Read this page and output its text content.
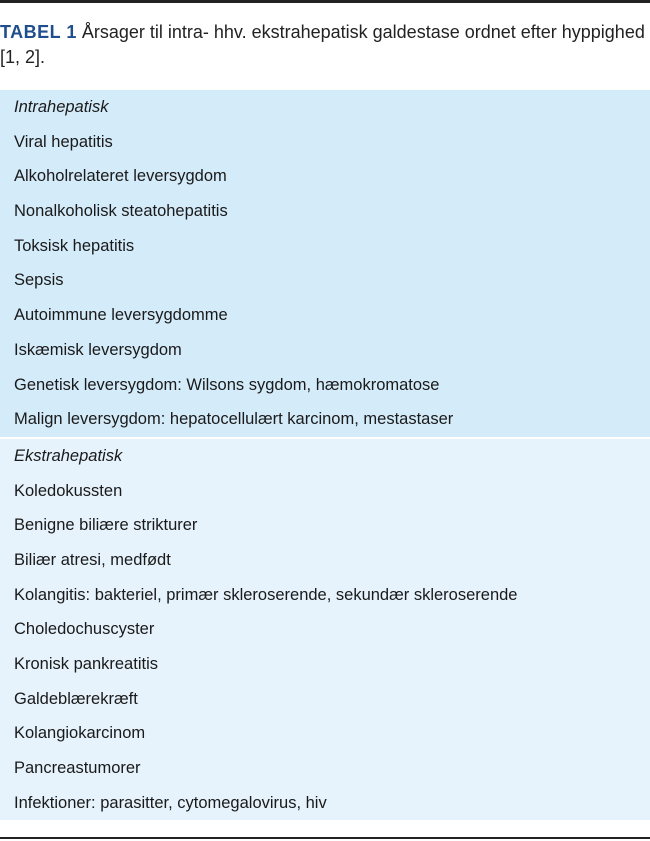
TABEL 1 Årsager til intra- hhv. ekstrahepatisk galdestase ordnet efter hyppighed [1, 2].
Intrahepatisk
Viral hepatitis
Alkoholrelateret leversygdom
Nonalkoholisk steatohepatitis
Toksisk hepatitis
Sepsis
Autoimmune leversygdomme
Iskæmisk leversygdom
Genetisk leversygdom: Wilsons sygdom, hæmokromatose
Malign leversygdom: hepatocellulært karcinom, mestastaser
Ekstrahepatisk
Koledokussten
Benigne biliære strikturer
Biliær atresi, medfødt
Kolangitis: bakteriel, primær skleroserende, sekundær skleroserende
Choledochuscyster
Kronisk pankreatitis
Galdeblærekræft
Kolangiokarcinom
Pancreastumorer
Infektioner: parasitter, cytomegalovirus, hiv
